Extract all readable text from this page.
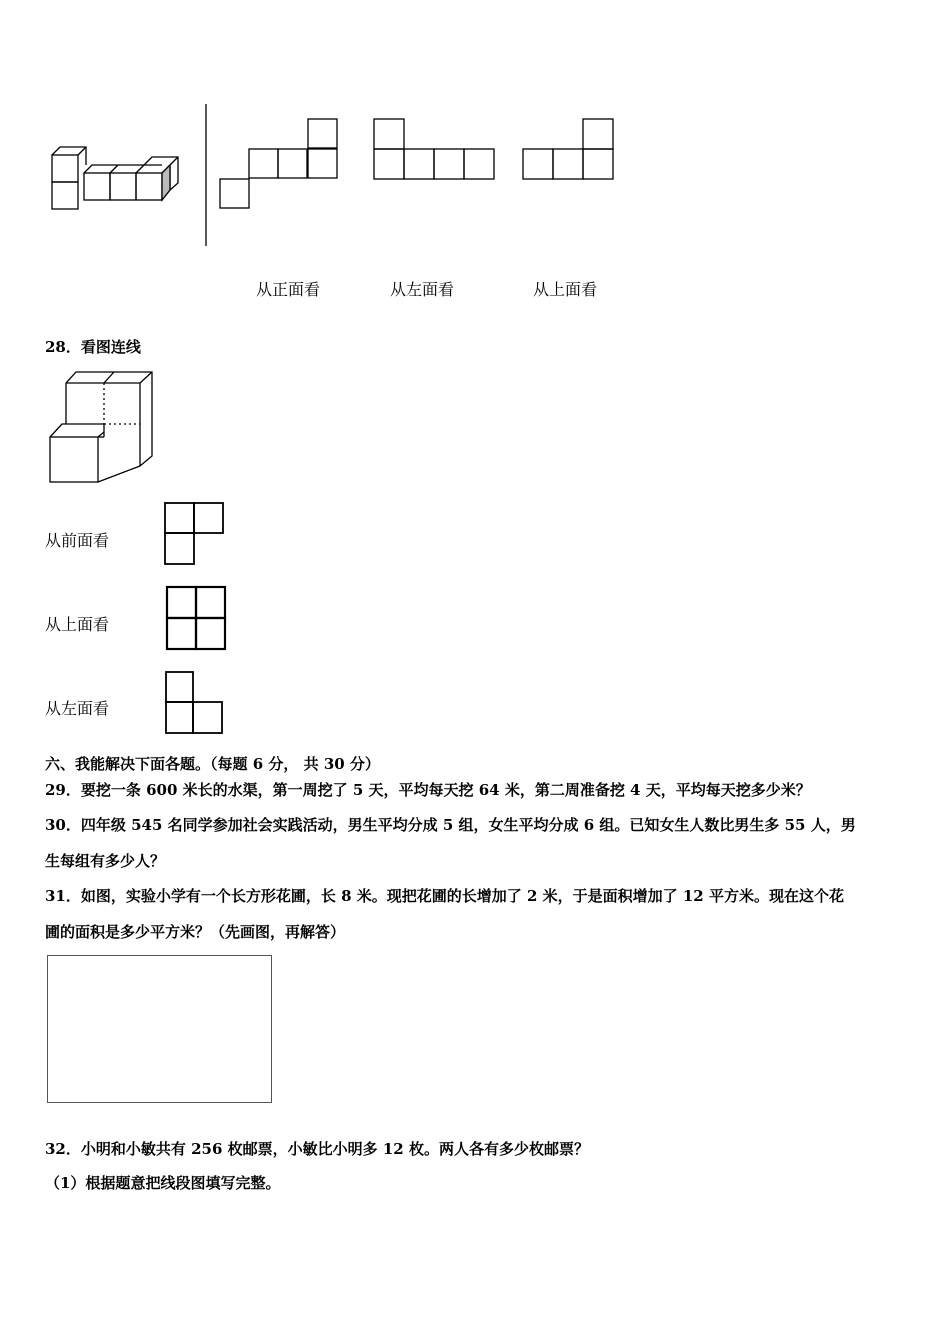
从正面看	从左面看	从上面看
28．看图连线
从前面看
从上面看
从左面看
六、我能解决下面各题。（每题 6 分， 共 30 分）
29．要挖一条 600 米长的水渠，第一周挖了 5 天，平均每天挖 64 米，第二周准备挖 4 天，平均每天挖多少米？
30．四年级 545 名同学参加社会实践活动，男生平均分成 5 组，女生平均分成 6 组。已知女生人数比男生多 55 人，男
生每组有多少人？
31．如图，实验小学有一个长方形花圃，长 8 米。现把花圃的长增加了 2 米，于是面积增加了 12 平方米。现在这个花
圃的面积是多少平方米？（先画图，再解答）
32．小明和小敏共有 256 枚邮票，小敏比小明多 12 枚。两人各有多少枚邮票？
（1）根据题意把线段图填写完整。
